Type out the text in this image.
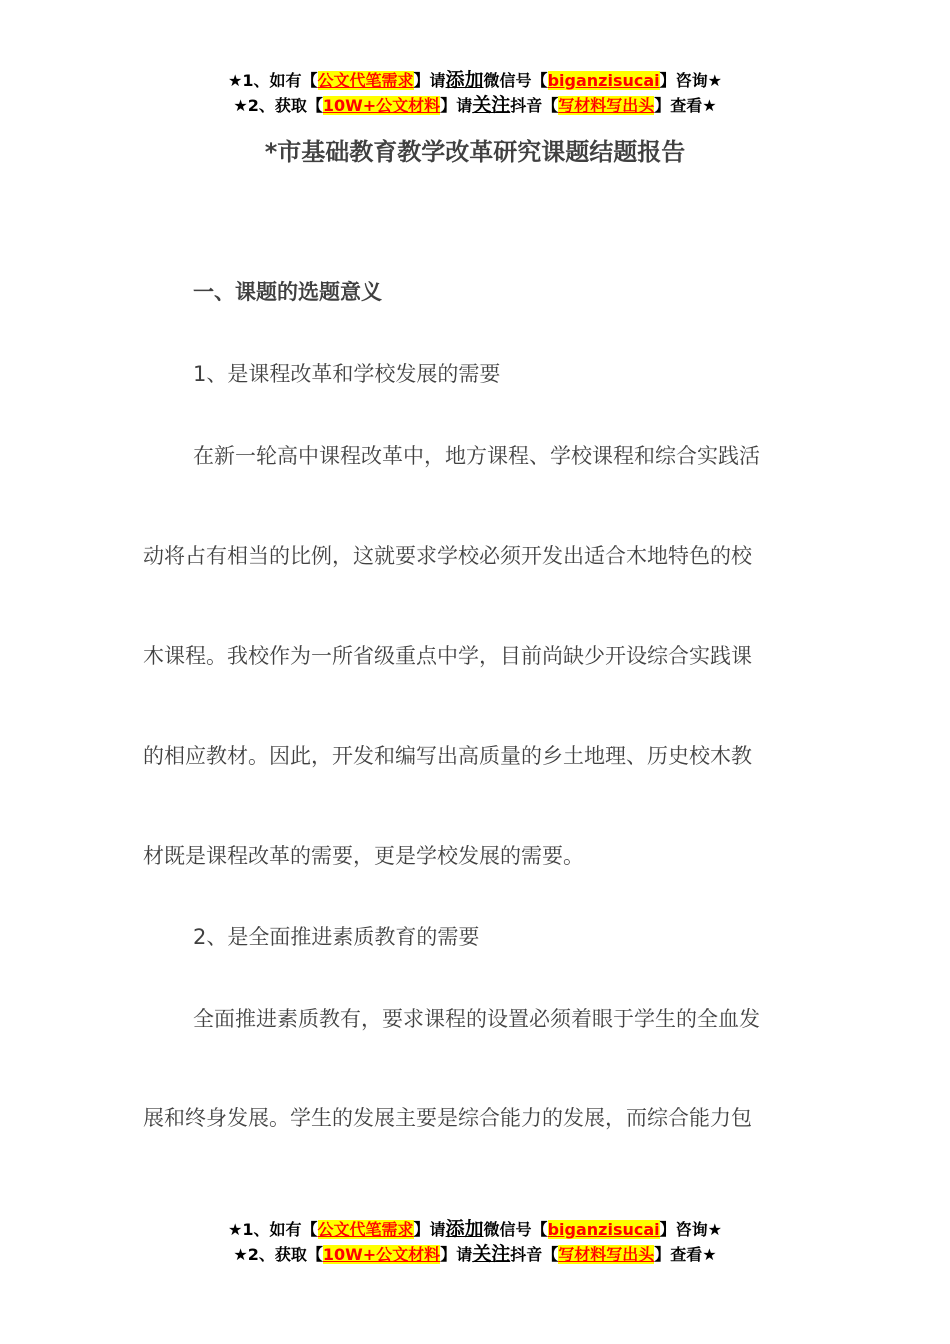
★1、如有【公文代笔需求】请添加微信号【biganzisucai】咨询★
★2、获取【10W+公文材料】请关注抖音【写材料写出头】查看★
*市基础教育教学改革研究课题结题报告

一、课题的选题意义

1、是课程改革和学校发展的需要

在新一轮高中课程改革中，地方课程、学校课程和综合实践活

动将占有相当的比例，这就要求学校必须开发出适合木地特色的校

木课程。我校作为一所省级重点中学，目前尚缺少开设综合实践课

的相应教材。因此，开发和编写出高质量的乡土地理、历史校木教

材既是课程改革的需要，更是学校发展的需要。

2、是全面推进素质教育的需要

全面推进素质教有，要求课程的设置必须着眼于学生的全血发

展和终身发展。学生的发展主要是综合能力的发展，而综合能力包

★1、如有【公文代笔需求】请添加微信号【biganzisucai】咨询★
★2、获取【10W+公文材料】请关注抖音【写材料写出头】查看★
